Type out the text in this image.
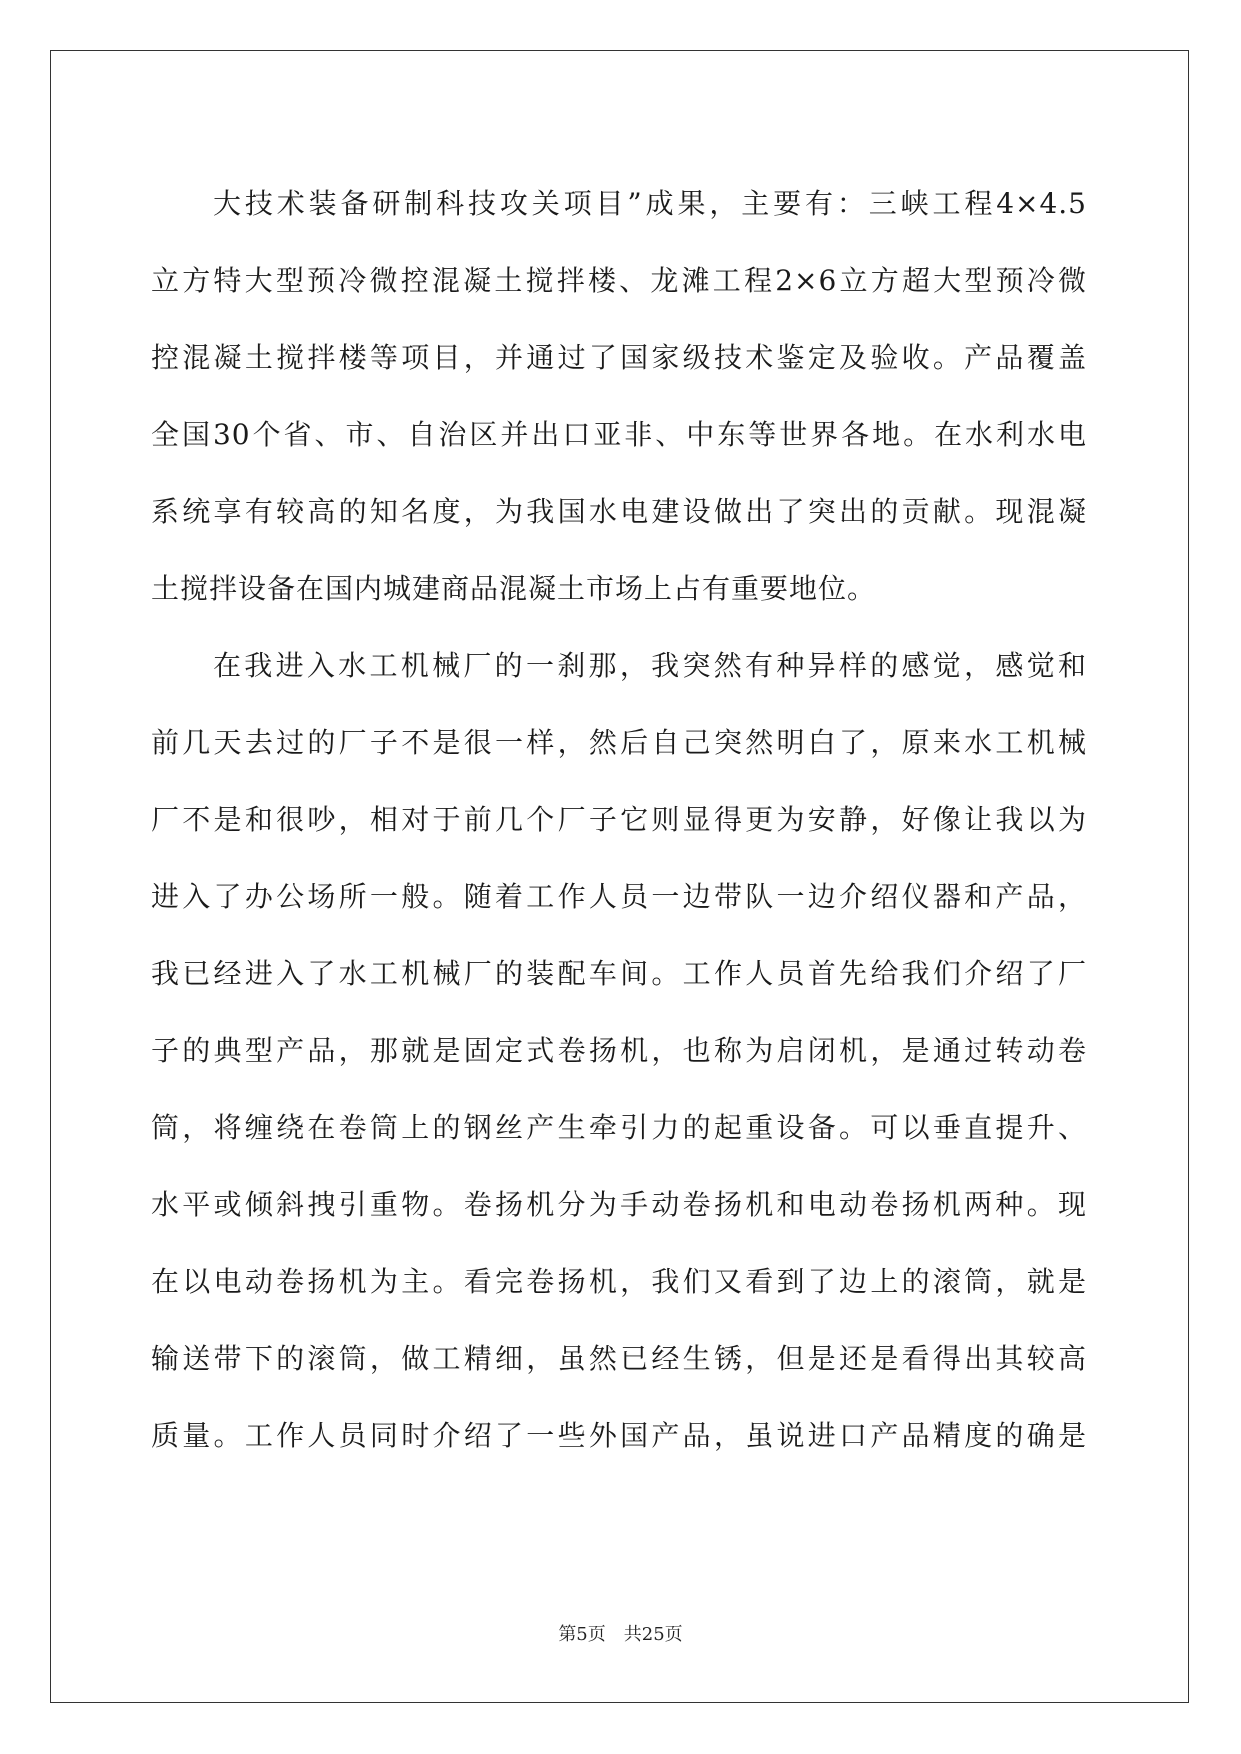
大技术装备研制科技攻关项目”成果，主要有：三峡工程4×4.5
立方特大型预冷微控混凝土搅拌楼、龙滩工程2×6立方超大型预冷微
控混凝土搅拌楼等项目，并通过了国家级技术鉴定及验收。产品覆盖
全国30个省、市、自治区并出口亚非、中东等世界各地。在水利水电
系统享有较高的知名度，为我国水电建设做出了突出的贡献。现混凝
土搅拌设备在国内城建商品混凝土市场上占有重要地位。

在我进入水工机械厂的一刹那，我突然有种异样的感觉，感觉和
前几天去过的厂子不是很一样，然后自己突然明白了，原来水工机械
厂不是和很吵，相对于前几个厂子它则显得更为安静，好像让我以为
进入了办公场所一般。随着工作人员一边带队一边介绍仪器和产品，
我已经进入了水工机械厂的装配车间。工作人员首先给我们介绍了厂
子的典型产品，那就是固定式卷扬机，也称为启闭机，是通过转动卷
筒，将缠绕在卷筒上的钢丝产生牵引力的起重设备。可以垂直提升、
水平或倾斜拽引重物。卷扬机分为手动卷扬机和电动卷扬机两种。现
在以电动卷扬机为主。看完卷扬机，我们又看到了边上的滚筒，就是
输送带下的滚筒，做工精细，虽然已经生锈，但是还是看得出其较高
质量。工作人员同时介绍了一些外国产品，虽说进口产品精度的确是

第5页 共25页
